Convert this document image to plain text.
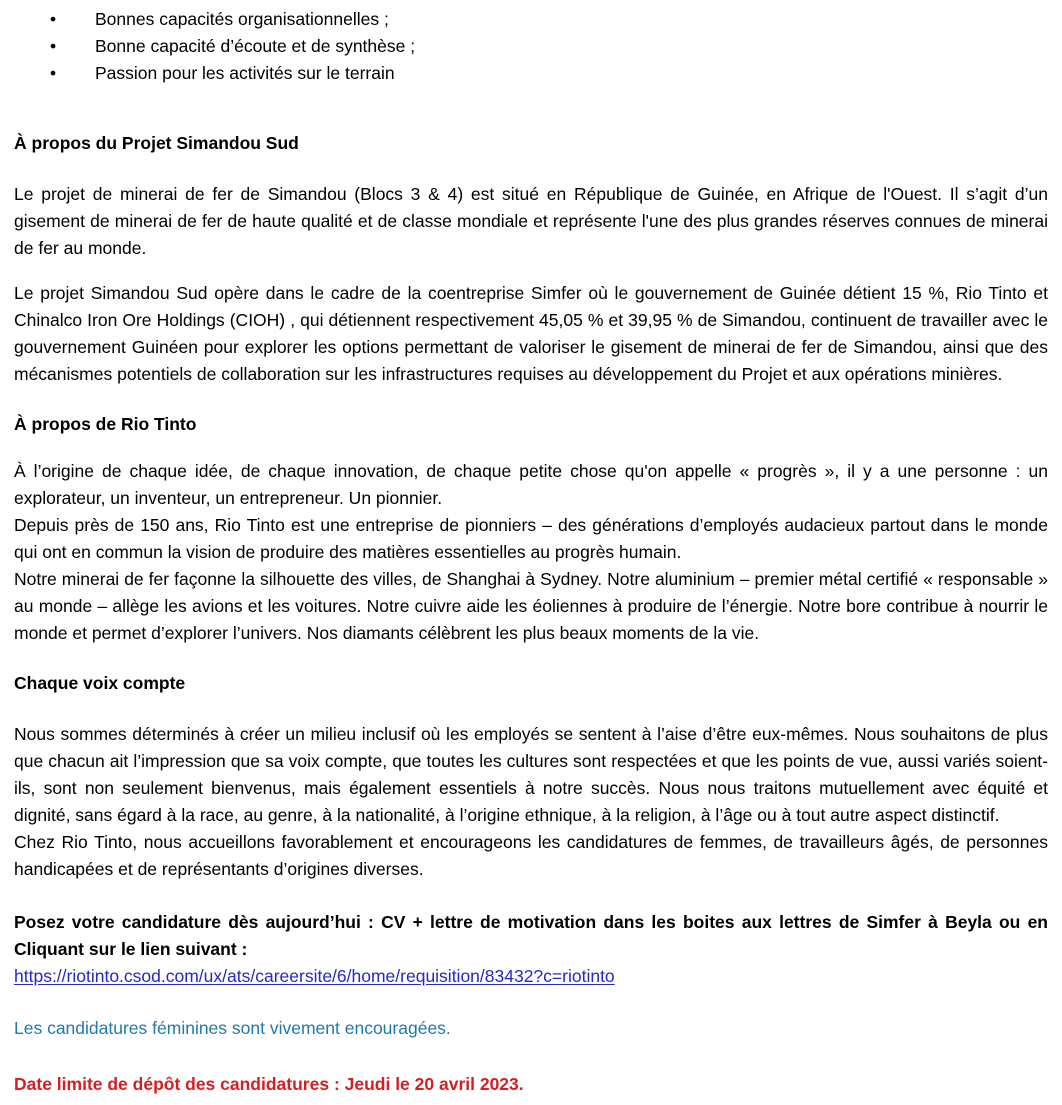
• Bonnes capacités organisationnelles ;
• Bonne capacité d’écoute et de synthèse ;
• Passion pour les activités sur le terrain
À propos du Projet Simandou Sud

Le projet de minerai de fer de Simandou (Blocs 3 & 4) est situé en République de Guinée, en Afrique de l'Ouest. Il s’agit d’un gisement de minerai de fer de haute qualité et de classe mondiale et représente l'une des plus grandes réserves connues de minerai de fer au monde.

Le projet Simandou Sud opère dans le cadre de la coentreprise Simfer où le gouvernement de Guinée détient 15 %, Rio Tinto et Chinalco Iron Ore Holdings (CIOH) , qui détiennent respectivement 45,05 % et 39,95 % de Simandou, continuent de travailler avec le gouvernement Guinéen pour explorer les options permettant de valoriser le gisement de minerai de fer de Simandou, ainsi que des mécanismes potentiels de collaboration sur les infrastructures requises au développement du Projet et aux opérations minières.

À propos de Rio Tinto

À l’origine de chaque idée, de chaque innovation, de chaque petite chose qu'on appelle « progrès », il y a une personne : un explorateur, un inventeur, un entrepreneur. Un pionnier.

Depuis près de 150 ans, Rio Tinto est une entreprise de pionniers – des générations d’employés audacieux partout dans le monde qui ont en commun la vision de produire des matières essentielles au progrès humain.

Notre minerai de fer façonne la silhouette des villes, de Shanghai à Sydney. Notre aluminium – premier métal certifié « responsable » au monde – allège les avions et les voitures. Notre cuivre aide les éoliennes à produire de l’énergie. Notre bore contribue à nourrir le monde et permet d’explorer l’univers. Nos diamants célèbrent les plus beaux moments de la vie.

Chaque voix compte

Nous sommes déterminés à créer un milieu inclusif où les employés se sentent à l’aise d’être eux-mêmes. Nous souhaitons de plus que chacun ait l’impression que sa voix compte, que toutes les cultures sont respectées et que les points de vue, aussi variés soient-ils, sont non seulement bienvenus, mais également essentiels à notre succès. Nous nous traitons mutuellement avec équité et dignité, sans égard à la race, au genre, à la nationalité, à l’origine ethnique, à la religion, à l’âge ou à tout autre aspect distinctif.

Chez Rio Tinto, nous accueillons favorablement et encourageons les candidatures de femmes, de travailleurs âgés, de personnes handicapées et de représentants d’origines diverses.

Posez votre candidature dès aujourd’hui : CV + lettre de motivation dans les boites aux lettres de Simfer à Beyla ou en Cliquant sur le lien suivant :

https://riotinto.csod.com/ux/ats/careersite/6/home/requisition/83432?c=riotinto

Les candidatures féminines sont vivement encouragées.

Date limite de dépôt des candidatures : Jeudi le 20 avril 2023.
